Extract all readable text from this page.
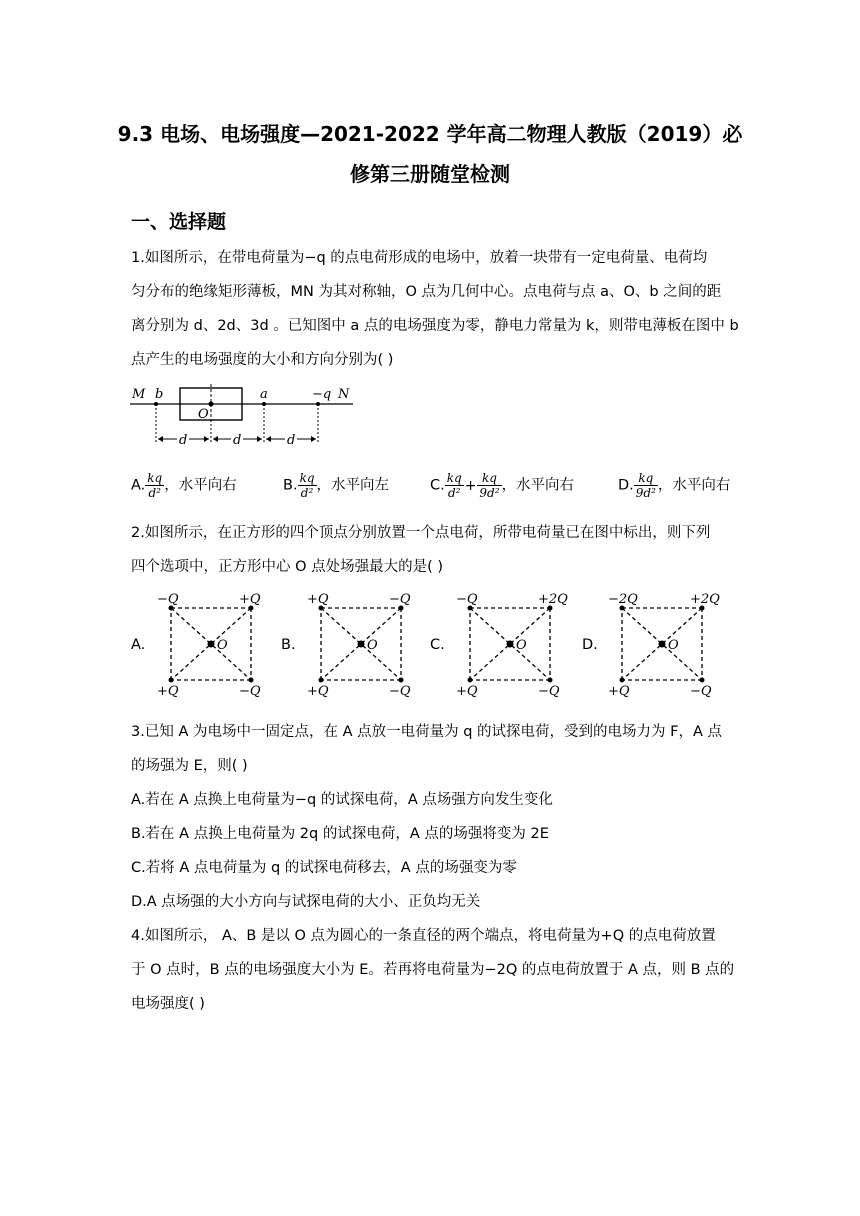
9.3 电场、电场强度—2021-2022 学年高二物理人教版（2019）必
修第三册随堂检测
一、选择题
1.如图所示，在带电荷量为−q 的点电荷形成的电场中，放着一块带有一定电荷量、电荷均
匀分布的绝缘矩形薄板，MN 为其对称轴，O 点为几何中心。点电荷与点 a、O、b 之间的距
离分别为 d、2d、3d 。已知图中 a 点的电场强度为零，静电力常量为 k，则带电薄板在图中 b
点产生的电场强度的大小和方向分别为( )
M b
O
a	−q N
d	d	d
A. $\frac{kq}{\text{d²}}$ ，水平向右	B. $\frac{kq}{\text{d²}}$ ，水平向左	C. $\frac{kq}{\text{d²}} + \frac{kq}{\text{9d²}}$ ，水平向右	D. $\frac{kq}{\text{9d²}}$ ，水平向右
2.如图所示，在正方形的四个顶点分别放置一个点电荷，所带电荷量已在图中标出，则下列
四个选项中，正方形中心 O 点处场强最大的是( )
A.
−Q	+Q
+Q	−Q
O	B.
+Q	−Q
+Q	−Q
O	C.
−Q	+2Q
+Q	−Q
O	D.
−2Q	+2Q
+Q	−Q
O
3.已知 A 为电场中一固定点，在 A 点放一电荷量为 q 的试探电荷，受到的电场力为 F，A 点
的场强为 E，则( )
A.若在 A 点换上电荷量为−q 的试探电荷，A 点场强方向发生变化
B.若在 A 点换上电荷量为 2q 的试探电荷，A 点的场强将变为 2E
C.若将 A 点电荷量为 q 的试探电荷移去，A 点的场强变为零
D.A 点场强的大小方向与试探电荷的大小、正负均无关
4.如图所示， A、B 是以 O 点为圆心的一条直径的两个端点，将电荷量为+Q 的点电荷放置
于 O 点时，B 点的电场强度大小为 E。若再将电荷量为−2Q 的点电荷放置于 A 点，则 B 点的
电场强度( )
